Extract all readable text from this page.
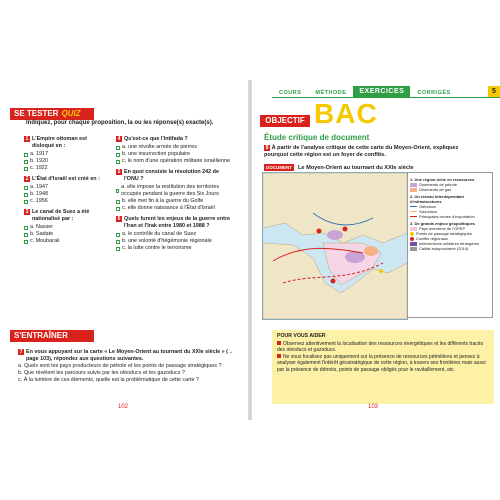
SE TESTER QUIZ
Indiquez, pour chaque proposition, la ou les réponse(s) exacte(s).
1 L'Empire ottoman est disloqué en :
a. 1917
b. 1920
c. 1922
2 L'État d'Israël est créé en :
a. 1947
b. 1948
c. 1956
3 Le canal de Suez a été nationalisé par :
a. Nasser
b. Sadate
c. Moubarak
4 Qu'est-ce que l'Intifada ?
a. une révolte armée de pierres
b. une insurrection populaire
c. le nom d'une opération militaire israélienne
5 En quoi consiste la résolution 242 de l'ONU ?
a. elle impose la restitution des territoires occupés pendant la guerre des Six Jours
b. elle met fin à la guerre du Golfe
c. elle donne naissance à l'État d'Israël
6 Quels furent les enjeux de la guerre entre l'Iran et l'Irak entre 1980 et 1988 ?
a. le contrôle du canal de Suez
b. une volonté d'hégémonie régionale
c. la lutte contre le terrorisme
S'ENTRAÎNER
7 En vous appuyant sur la carte « Le Moyen-Orient au tournant du XXIe siècle » (→ page 103), répondez aux questions suivantes.
a. Quels sont les pays producteurs de pétrole et les points de passage stratégiques ?
b. Que révèlent les parcours suivis par les oléoducs et les gazoducs ?
c. À la lumière de ces éléments, quelle est la problématique de cette carte ?
102
COURS	MÉTHODE	EXERCICES	CORRIGÉS	5
OBJECTIF BAC
Étude critique de document
8 À partir de l'analyse critique de cette carte du Moyen-Orient, expliquez pourquoi cette région est un foyer de conflits.
DOCUMENT	Le Moyen-Orient au tournant du XXIe siècle
1. Une région riche en ressources
Gisements de pétrole
Gisements de gaz
2. Un réseau interdépendant d'infrastructures
Oléoducs
Gazoducs
Principales routes d'exportation
3. De grands enjeux géopolitiques
Pays membres de l'OPEP
Points de passage stratégiques
Conflits régionaux
Interventions militaires étrangères
Califat autoproclamé (2014)
POUR VOUS AIDER
Observez attentivement la localisation des ressources énergétiques et les différents tracés des oléoducs et gazoducs.
Ne vous focalisez pas uniquement sur la présence de ressources pétrolières et pensez à analyser également l'intérêt géostratégique de cette région, à travers ses frontières mais aussi par la présence de détroits, points de passage obligés pour le ravitaillement, etc.
103
